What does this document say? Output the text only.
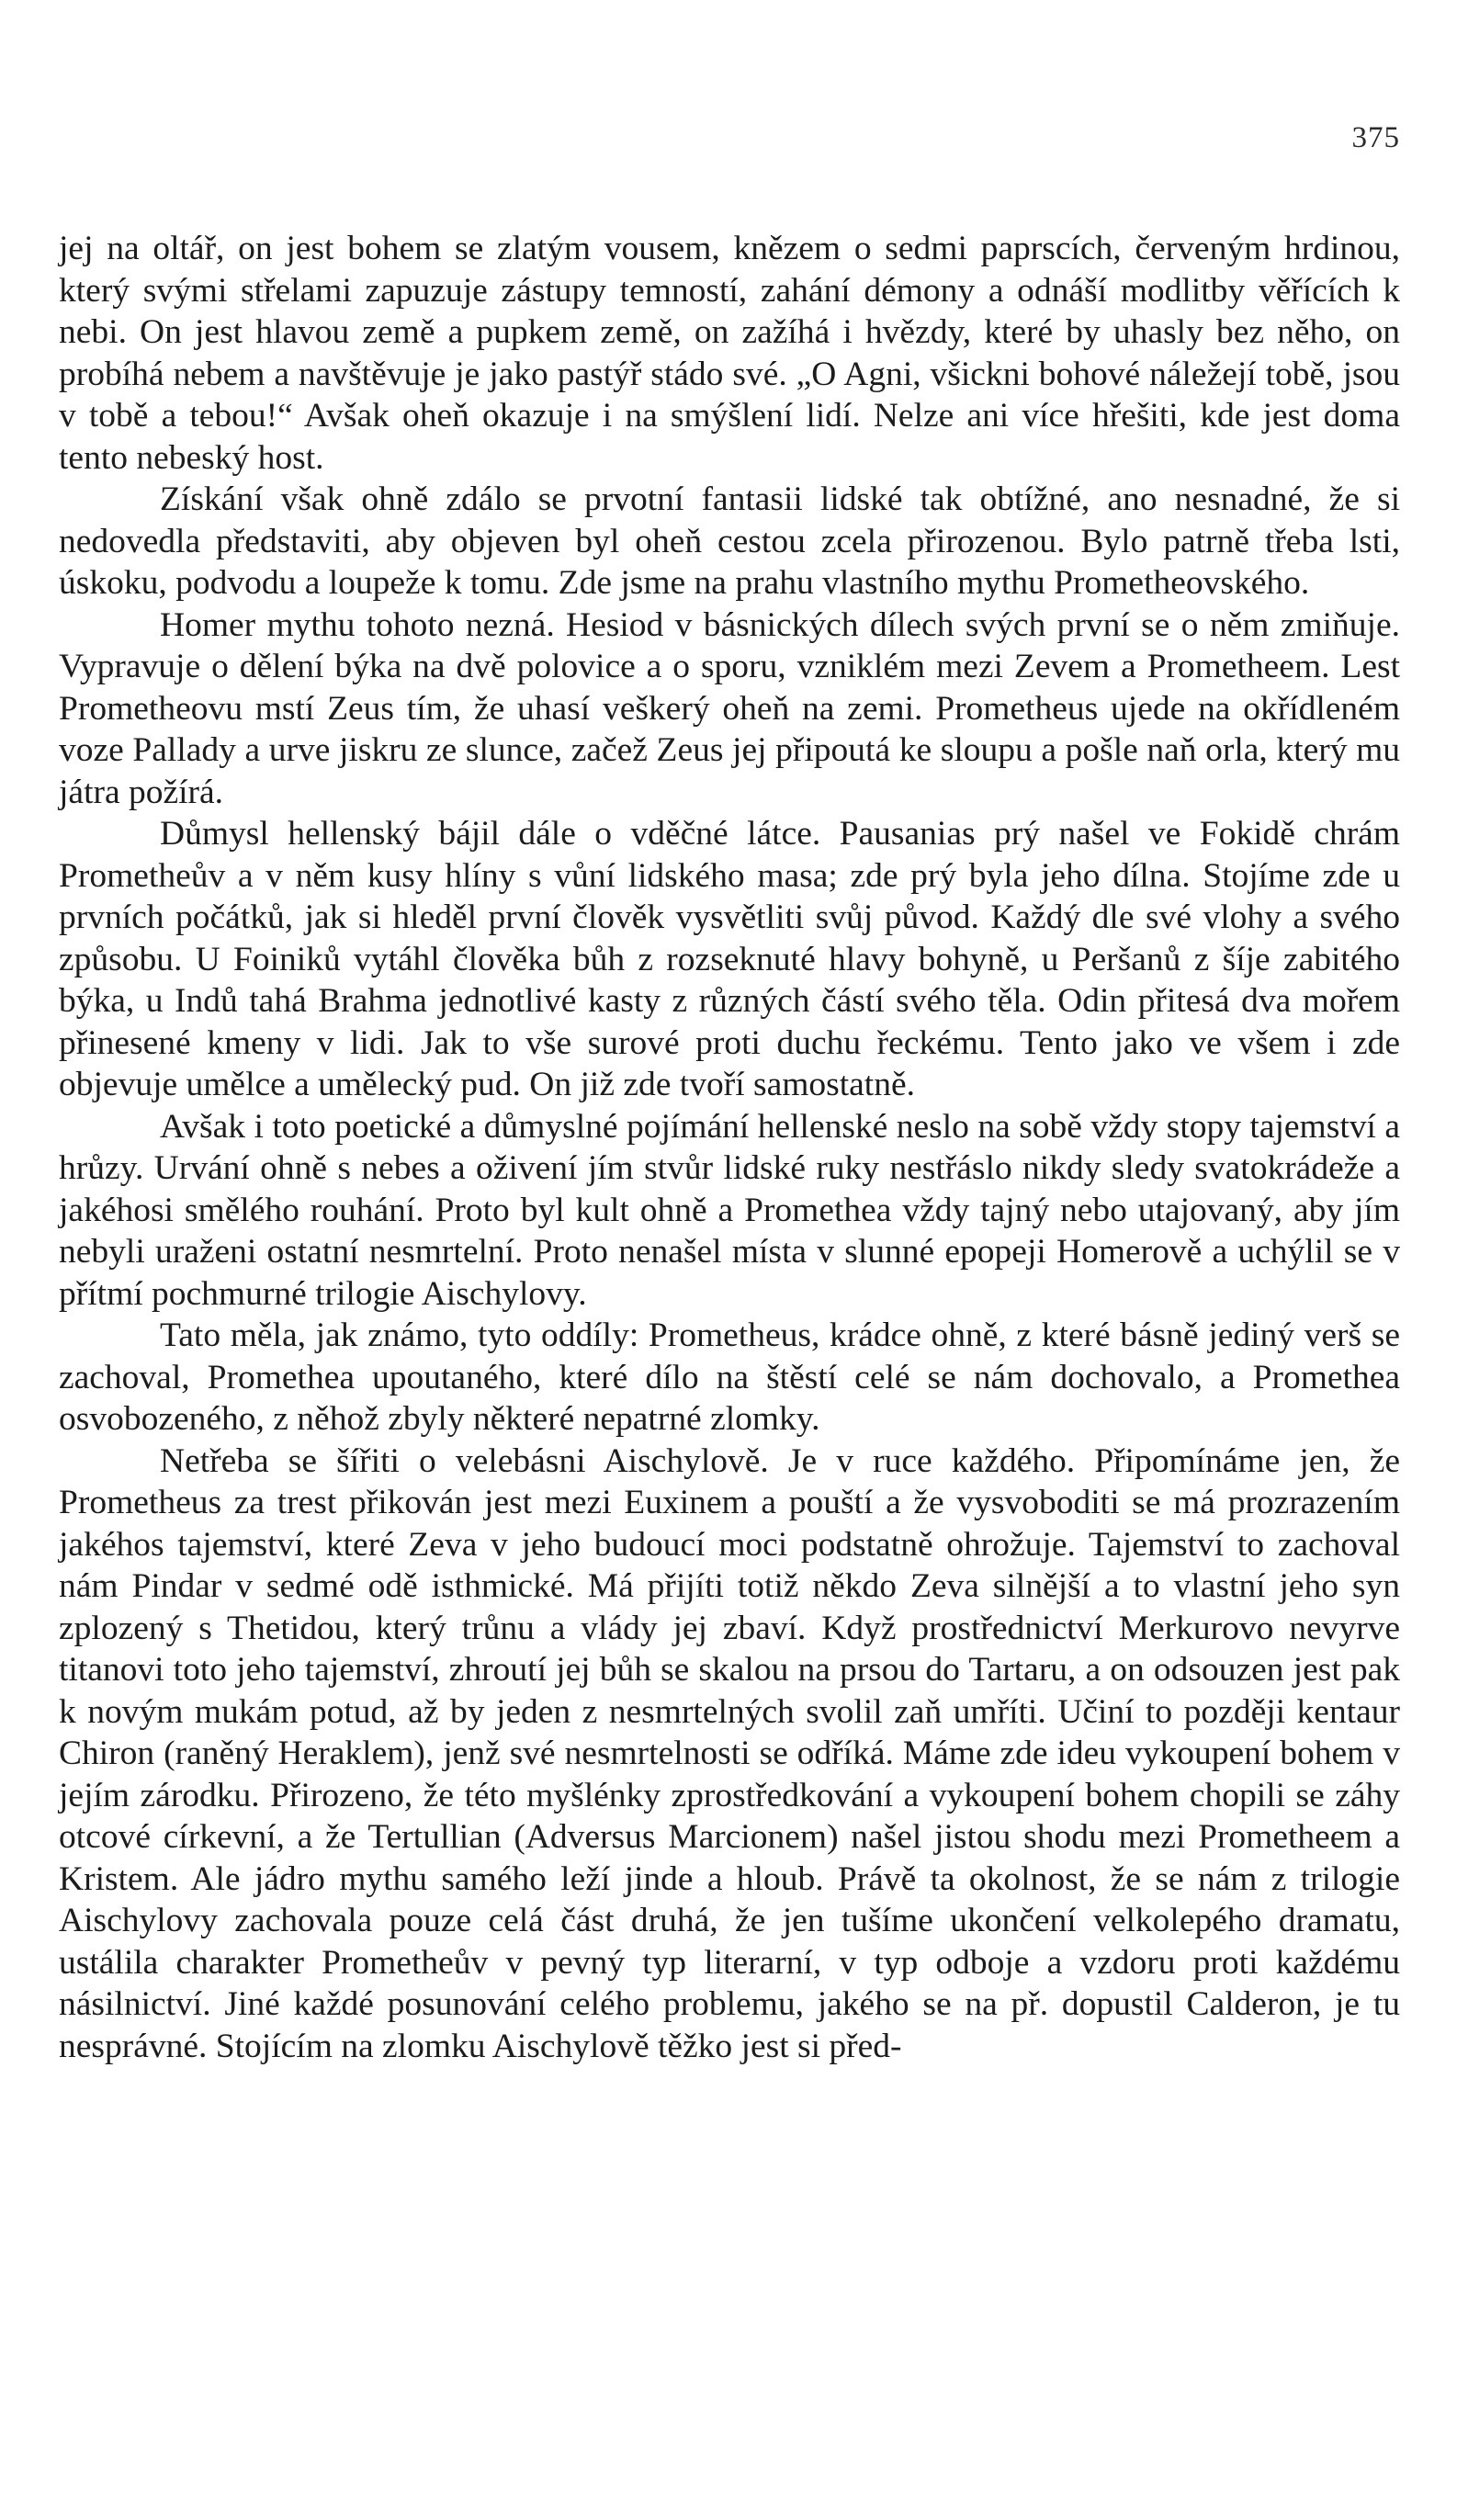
375

jej na oltář, on jest bohem se zlatým vousem, knězem o sedmi paprscích, červeným hrdinou, který svými střelami zapuzuje zástupy temností, zahání démony a odnáší modlitby věřících k nebi. On jest hlavou země a pupkem země, on zažíhá i hvězdy, které by uhasly bez něho, on probíhá nebem a navštěvuje je jako pastýř stádo své. „O Agni, všickni bohové náležejí tobě, jsou v tobě a tebou!“ Avšak oheň okazuje i na smýšlení lidí. Nelze ani více hřešiti, kde jest doma tento nebeský host.

Získání však ohně zdálo se prvotní fantasii lidské tak obtížné, ano nesnadné, že si nedovedla představiti, aby objeven byl oheň cestou zcela přirozenou. Bylo patrně třeba lsti, úskoku, podvodu a loupeže k tomu. Zde jsme na prahu vlastního mythu Prometheovského.

Homer mythu tohoto nezná. Hesiod v básnických dílech svých první se o něm zmiňuje. Vypravuje o dělení býka na dvě polovice a o sporu, vzniklém mezi Zevem a Prometheem. Lest Prometheovu mstí Zeus tím, že uhasí veškerý oheň na zemi. Prometheus ujede na okřídleném voze Pallady a urve jiskru ze slunce, začež Zeus jej připoutá ke sloupu a pošle naň orla, který mu játra požírá.

Důmysl hellenský bájil dále o vděčné látce. Pausanias prý našel ve Fokidě chrám Prometheův a v něm kusy hlíny s vůní lidského masa; zde prý byla jeho dílna. Stojíme zde u prvních počátků, jak si hleděl první člověk vysvětliti svůj původ. Každý dle své vlohy a svého způsobu. U Foiniků vytáhl člověka bůh z rozseknuté hlavy bohyně, u Peršanů z šíje zabitého býka, u Indů tahá Brahma jednotlivé kasty z různých částí svého těla. Odin přitesá dva mořem přinesené kmeny v lidi. Jak to vše surové proti duchu řeckému. Tento jako ve všem i zde objevuje umělce a umělecký pud. On již zde tvoří samostatně.

Avšak i toto poetické a důmyslné pojímání hellenské neslo na sobě vždy stopy tajemství a hrůzy. Urvání ohně s nebes a oživení jím stvůr lidské ruky nestřáslo nikdy sledy svatokrádeže a jakéhosi smělého rouhání. Proto byl kult ohně a Promethea vždy tajný nebo utajovaný, aby jím nebyli uraženi ostatní nesmrtelní. Proto nenašel místa v slunné epopeji Homerově a uchýlil se v přítmí pochmurné trilogie Aischylovy.

Tato měla, jak známo, tyto oddíly: Prometheus, krádce ohně, z které básně jediný verš se zachoval, Promethea upoutaného, které dílo na štěstí celé se nám dochovalo, a Promethea osvobozeného, z něhož zbyly některé nepatrné zlomky.

Netřeba se šířiti o velebásni Aischylově. Je v ruce každého. Připomínáme jen, že Prometheus za trest přikován jest mezi Euxinem a pouští a že vysvoboditi se má prozrazením jakéhos tajemství, které Zeva v jeho budoucí moci podstatně ohrožuje. Tajemství to zachoval nám Pindar v sedmé odě isthmické. Má přijíti totiž někdo Zeva silnější a to vlastní jeho syn zplozený s Thetidou, který trůnu a vlády jej zbaví. Když prostřednictví Merkurovo nevyrve titanovi toto jeho tajemství, zhroutí jej bůh se skalou na prsou do Tartaru, a on odsouzen jest pak k novým mukám potud, až by jeden z nesmrtelných svolil zaň umříti. Učiní to později kentaur Chiron (raněný Heraklem), jenž své nesmrtelnosti se odříká. Máme zde ideu vykoupení bohem v jejím zárodku. Přirozeno, že této myšlénky zprostředkování a vykoupení bohem chopili se záhy otcové církevní, a že Tertullian (Adversus Marcionem) našel jistou shodu mezi Prometheem a Kristem. Ale jádro mythu samého leží jinde a hloub. Právě ta okolnost, že se nám z trilogie Aischylovy zachovala pouze celá část druhá, že jen tušíme ukončení velkolepého dramatu, ustálila charakter Prometheův v pevný typ literarní, v typ odboje a vzdoru proti každému násilnictví. Jiné každé posunování celého problemu, jakého se na př. dopustil Calderon, je tu nesprávné. Stojícím na zlomku Aischylově těžko jest si před-
